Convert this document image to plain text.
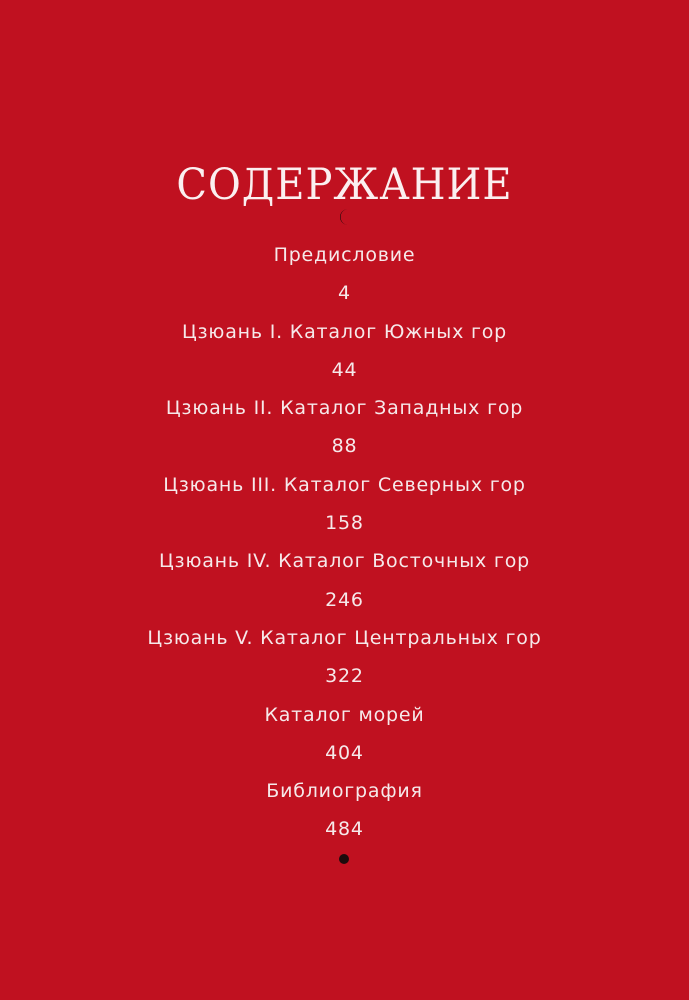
СОДЕРЖАНИЕ
Предисловие
4
Цзюань I. Каталог Южных гор
44
Цзюань II. Каталог Западных гор
88
Цзюань III. Каталог Северных гор
158
Цзюань IV. Каталог Восточных гор
246
Цзюань V. Каталог Центральных гор
322
Каталог морей
404
Библиография
484
